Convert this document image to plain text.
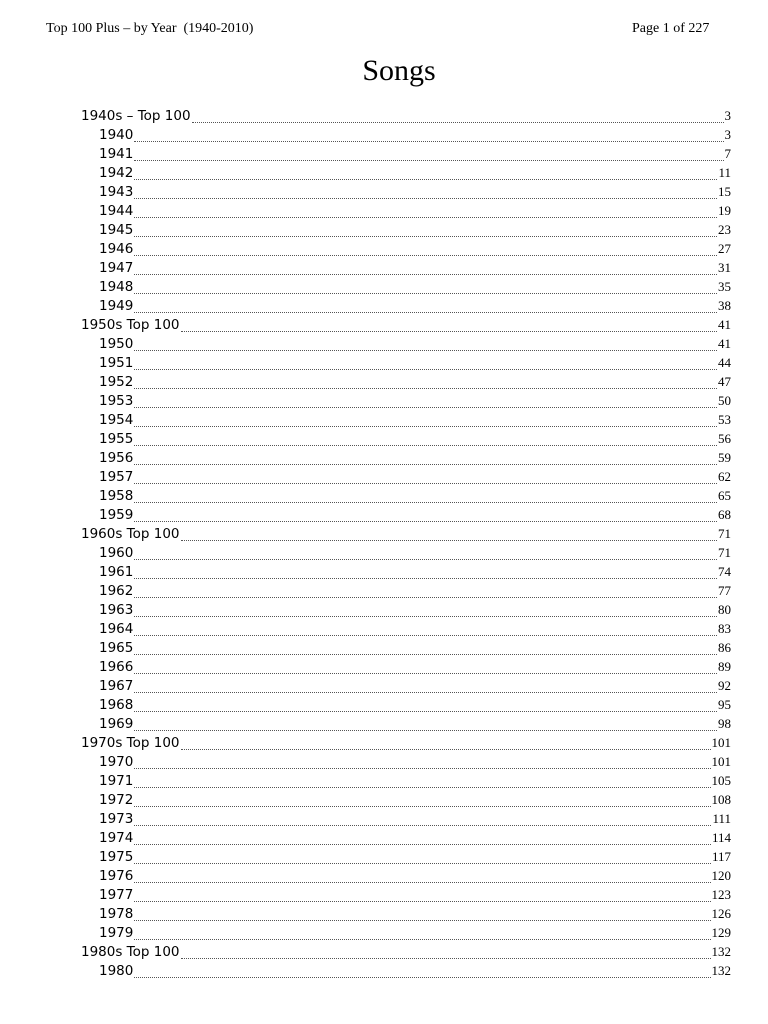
Top 100 Plus – by Year  (1940-2010)	Page 1 of 227
Songs
1940s – Top 100	3
1940	3
1941	7
1942	11
1943	15
1944	19
1945	23
1946	27
1947	31
1948	35
1949	38
1950s Top 100	41
1950	41
1951	44
1952	47
1953	50
1954	53
1955	56
1956	59
1957	62
1958	65
1959	68
1960s Top 100	71
1960	71
1961	74
1962	77
1963	80
1964	83
1965	86
1966	89
1967	92
1968	95
1969	98
1970s Top 100	101
1970	101
1971	105
1972	108
1973	111
1974	114
1975	117
1976	120
1977	123
1978	126
1979	129
1980s Top 100	132
1980	132
